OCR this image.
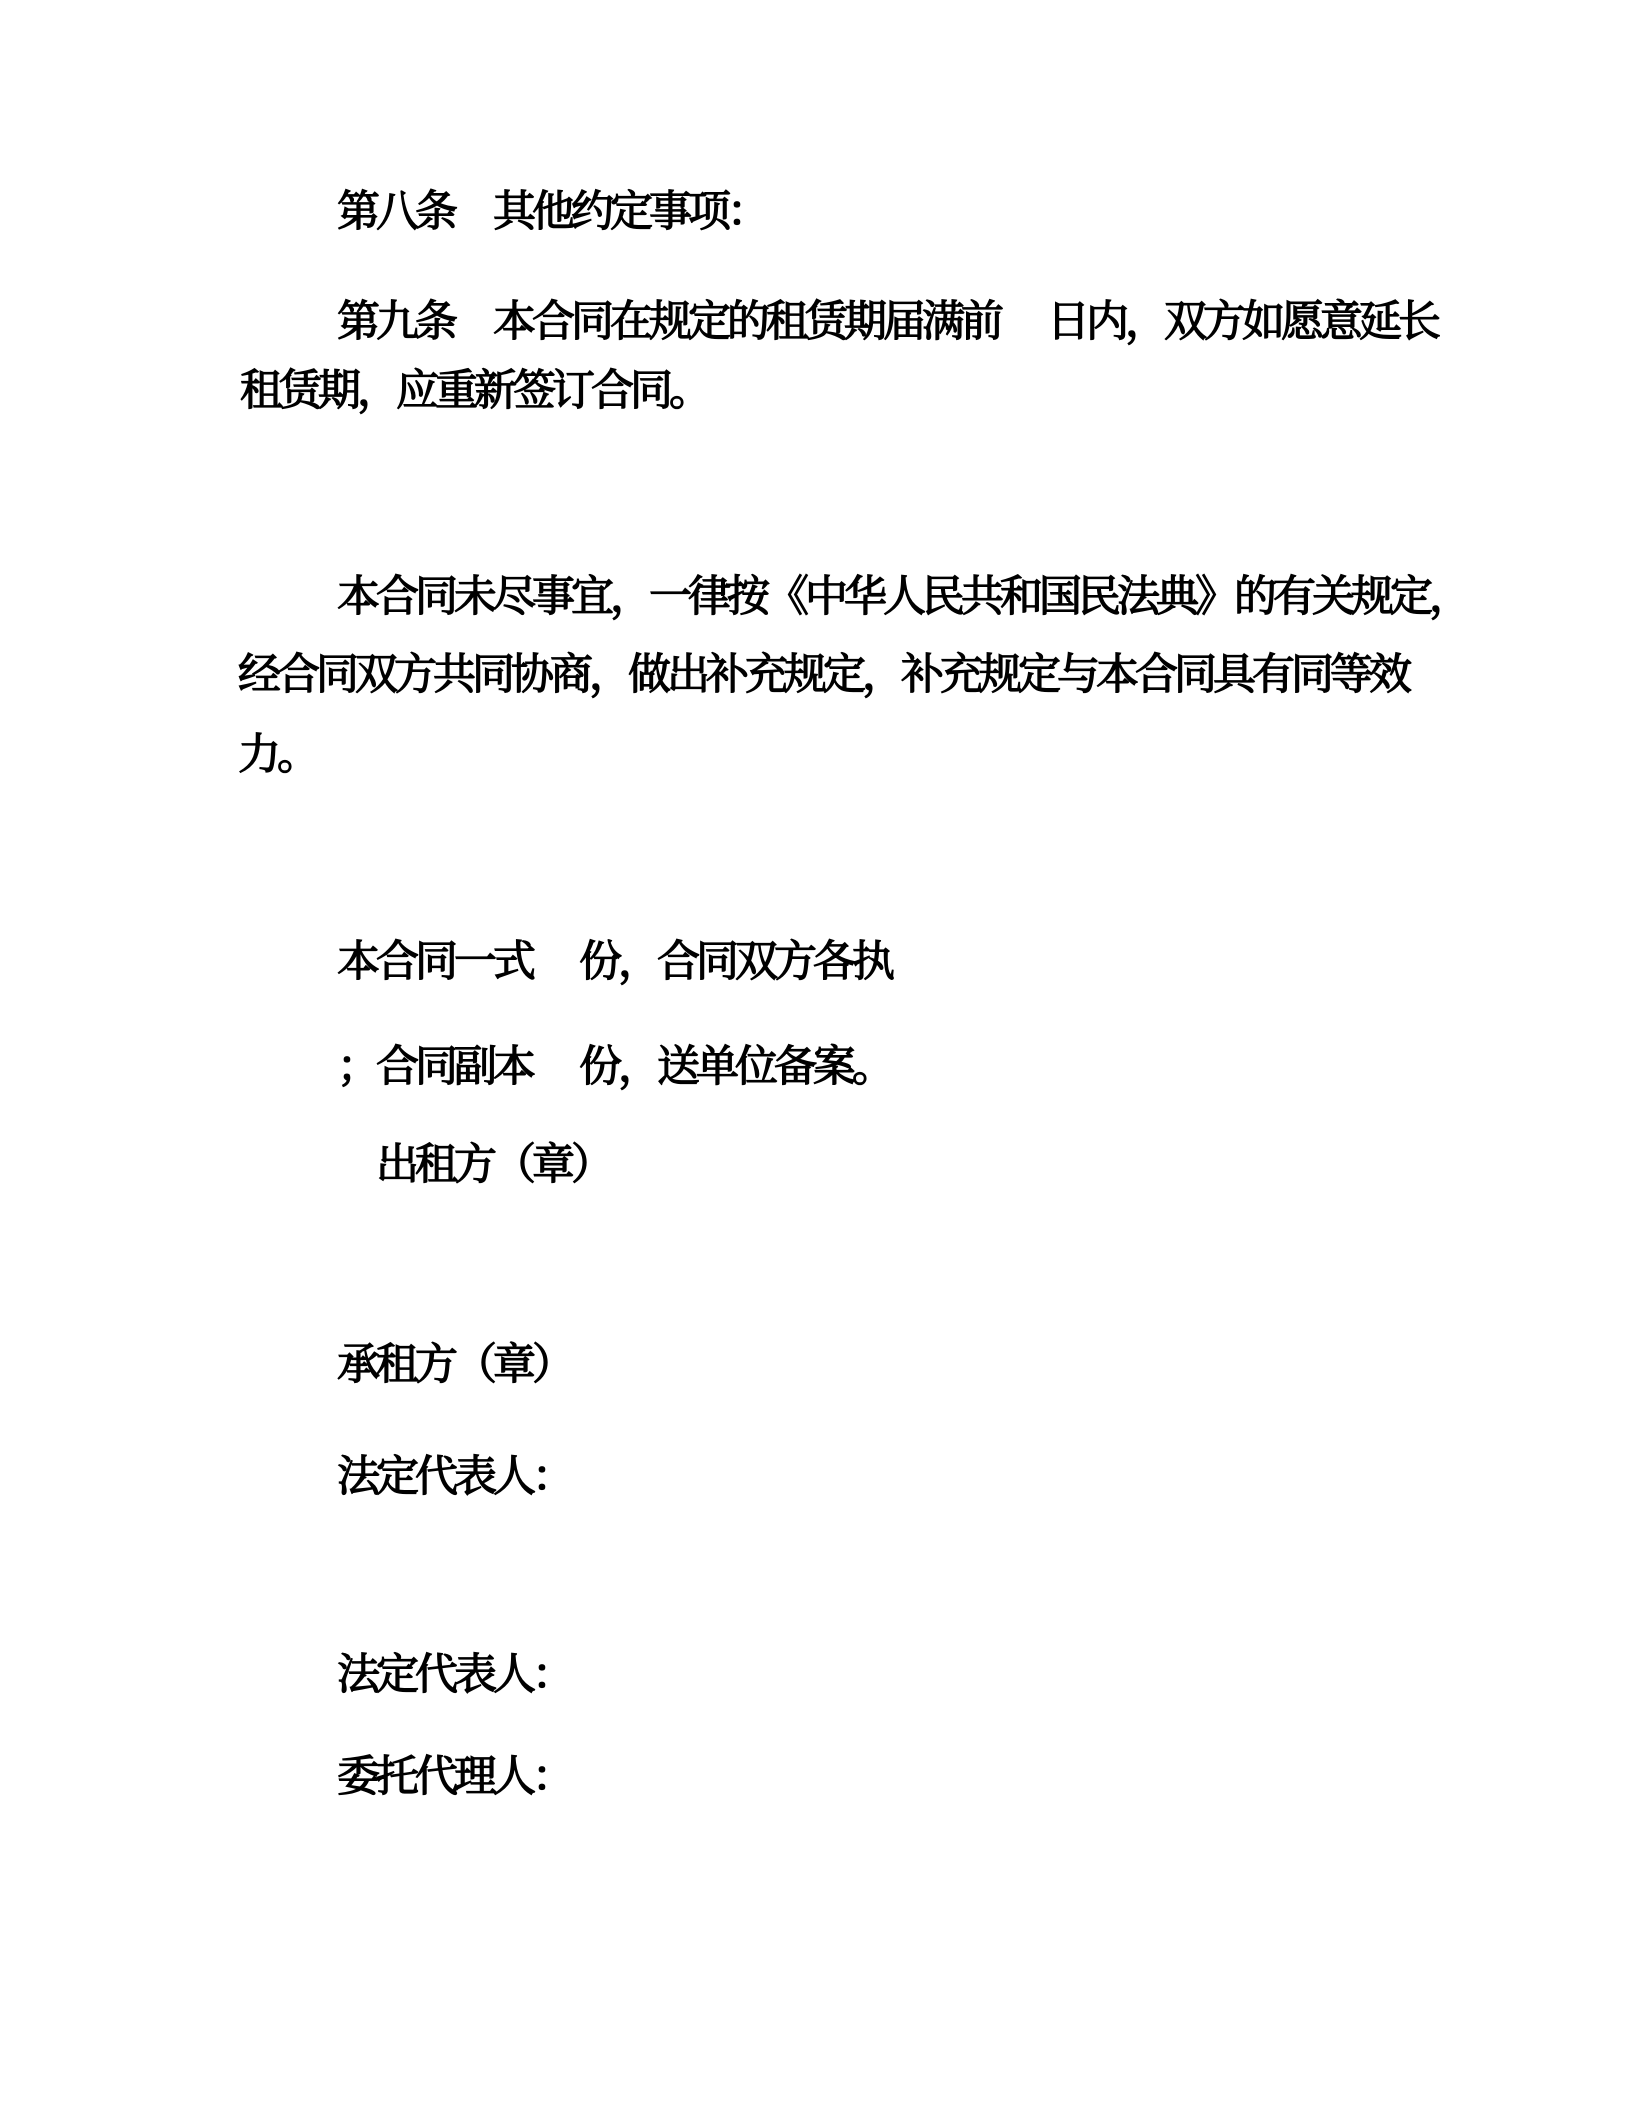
第八条　其他约定事项：
第九条　本合同在规定的租赁期届满前　 日内，双方如愿意延长
租赁期，应重新签订合同。
本合同未尽事宜，一律按《中华人民共和国民法典》的有关规定，
经合同双方共同协商，做出补充规定，补充规定与本合同具有同等效
力。
本合同一式　 份，合同双方各执
；合同副本　 份，送单位备案。
出租方（章）
承租方（章）
法定代表人：
法定代表人：
委托代理人：
